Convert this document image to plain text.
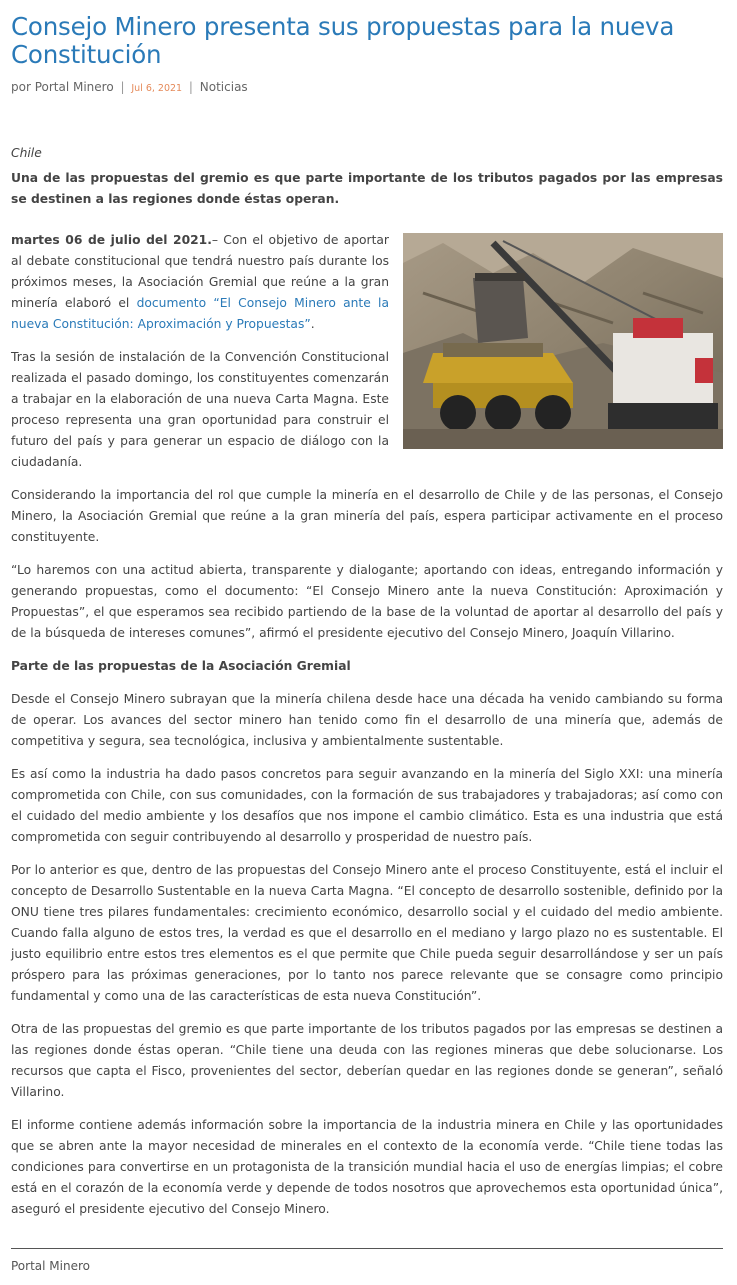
Consejo Minero presenta sus propuestas para la nueva Constitución
por Portal Minero | Jul 6, 2021 | Noticias

Chile

Una de las propuestas del gremio es que parte importante de los tributos pagados por las empresas se destinen a las regiones donde éstas operan.

martes 06 de julio del 2021.– Con el objetivo de aportar al debate constitucional que tendrá nuestro país durante los próximos meses, la Asociación Gremial que reúne a la gran minería elaboró el documento “El Consejo Minero ante la nueva Constitución: Aproximación y Propuestas”.

Tras la sesión de instalación de la Convención Constitucional realizada el pasado domingo, los constituyentes comenzarán a trabajar en la elaboración de una nueva Carta Magna. Este proceso representa una gran oportunidad para construir el futuro del país y para generar un espacio de diálogo con la ciudadanía.

Considerando la importancia del rol que cumple la minería en el desarrollo de Chile y de las personas, el Consejo Minero, la Asociación Gremial que reúne a la gran minería del país, espera participar activamente en el proceso constituyente.

“Lo haremos con una actitud abierta, transparente y dialogante; aportando con ideas, entregando información y generando propuestas, como el documento: “El Consejo Minero ante la nueva Constitución: Aproximación y Propuestas”, el que esperamos sea recibido partiendo de la base de la voluntad de aportar al desarrollo del país y de la búsqueda de intereses comunes”, afirmó el presidente ejecutivo del Consejo Minero, Joaquín Villarino.

Parte de las propuestas de la Asociación Gremial

Desde el Consejo Minero subrayan que la minería chilena desde hace una década ha venido cambiando su forma de operar. Los avances del sector minero han tenido como fin el desarrollo de una minería que, además de competitiva y segura, sea tecnológica, inclusiva y ambientalmente sustentable.

Es así como la industria ha dado pasos concretos para seguir avanzando en la minería del Siglo XXI: una minería comprometida con Chile, con sus comunidades, con la formación de sus trabajadores y trabajadoras; así como con el cuidado del medio ambiente y los desafíos que nos impone el cambio climático. Esta es una industria que está comprometida con seguir contribuyendo al desarrollo y prosperidad de nuestro país.

Por lo anterior es que, dentro de las propuestas del Consejo Minero ante el proceso Constituyente, está el incluir el concepto de Desarrollo Sustentable en la nueva Carta Magna. “El concepto de desarrollo sostenible, definido por la ONU tiene tres pilares fundamentales: crecimiento económico, desarrollo social y el cuidado del medio ambiente. Cuando falla alguno de estos tres, la verdad es que el desarrollo en el mediano y largo plazo no es sustentable. El justo equilibrio entre estos tres elementos es el que permite que Chile pueda seguir desarrollándose y ser un país próspero para las próximas generaciones, por lo tanto nos parece relevante que se consagre como principio fundamental y como una de las características de esta nueva Constitución”.

Otra de las propuestas del gremio es que parte importante de los tributos pagados por las empresas se destinen a las regiones donde éstas operan. “Chile tiene una deuda con las regiones mineras que debe solucionarse. Los recursos que capta el Fisco, provenientes del sector, deberían quedar en las regiones donde se generan”, señaló Villarino.

El informe contiene además información sobre la importancia de la industria minera en Chile y las oportunidades que se abren ante la mayor necesidad de minerales en el contexto de la economía verde. “Chile tiene todas las condiciones para convertirse en un protagonista de la transición mundial hacia el uso de energías limpias; el cobre está en el corazón de la economía verde y depende de todos nosotros que aprovechemos esta oportunidad única”, aseguró el presidente ejecutivo del Consejo Minero.

Portal Minero
